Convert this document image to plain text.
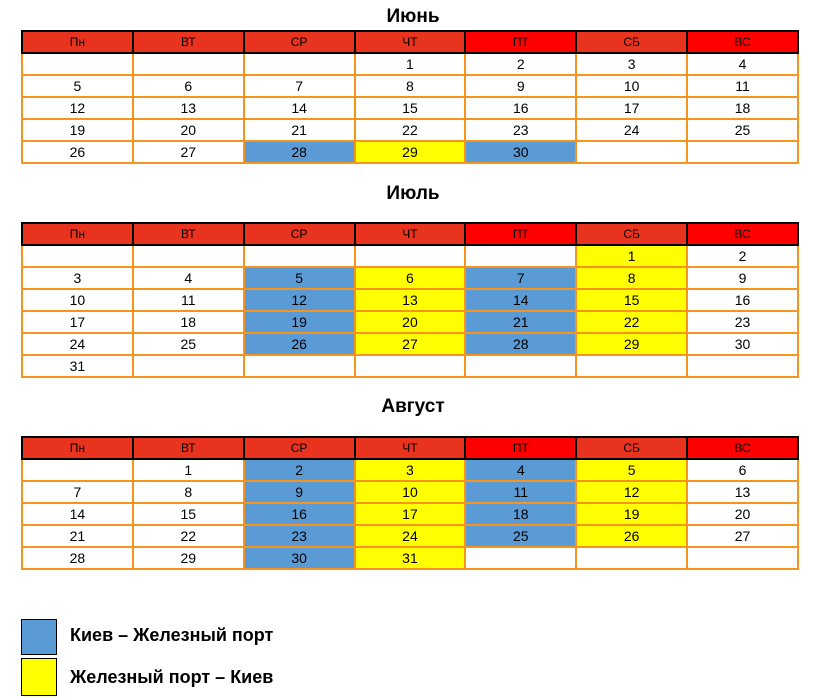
Июнь
Пн	ВТ	СР	ЧТ	ПТ	СБ	ВС
			1	2	3	4
5	6	7	8	9	10	11
12	13	14	15	16	17	18
19	20	21	22	23	24	25
26	27	28	29	30		
Июль
Пн	ВТ	СР	ЧТ	ПТ	СБ	ВС
					1	2
3	4	5	6	7	8	9
10	11	12	13	14	15	16
17	18	19	20	21	22	23
24	25	26	27	28	29	30
31						
Август
Пн	ВТ	СР	ЧТ	ПТ	СБ	ВС
	1	2	3	4	5	6
7	8	9	10	11	12	13
14	15	16	17	18	19	20
21	22	23	24	25	26	27
28	29	30	31			
Киев – Железный порт
Железный порт – Киев
